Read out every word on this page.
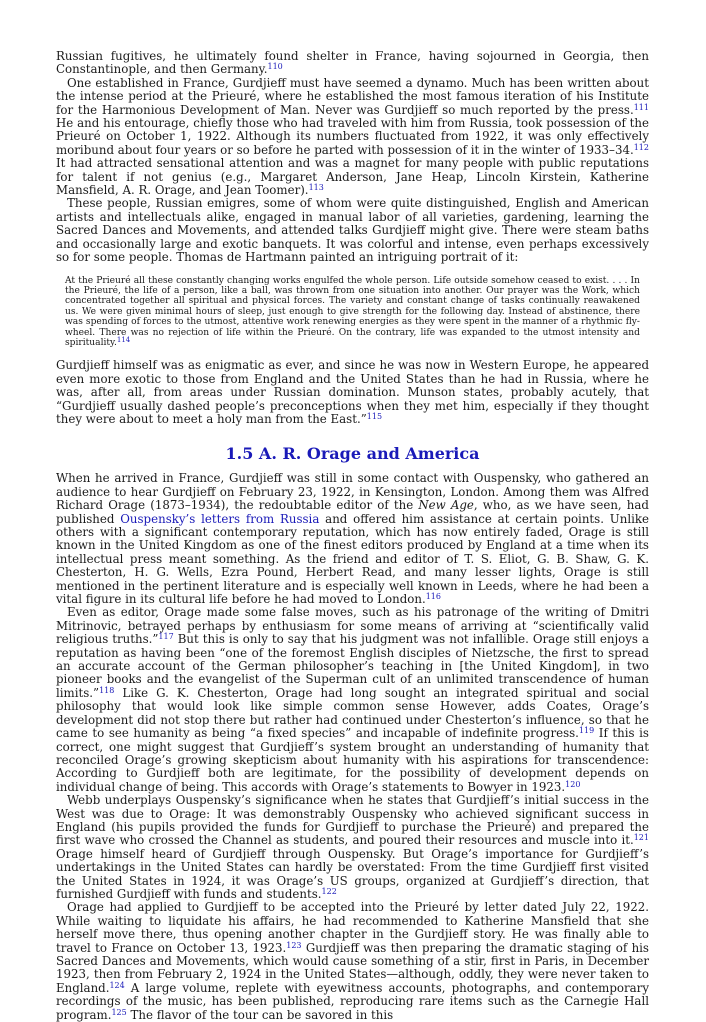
Russian fugitives, he ultimately found shelter in France, having sojourned in Georgia, then Constantinople, and then Germany.$^{110}$

One established in France, Gurdjieff must have seemed a dynamo. Much has been written about the intense period at the Prieuré, where he established the most famous iteration of his Institute for the Harmonious Development of Man. Never was Gurdjieff so much reported by the press.$^{111}$ He and his entourage, chiefly those who had traveled with him from Russia, took possession of the Prieuré on October 1, 1922. Although its numbers fluctuated from 1922, it was only effectively moribund about four years or so before he parted with possession of it in the winter of 1933–34.$^{112}$ It had attracted sensational attention and was a magnet for many people with public reputations for talent if not genius (e.g., Margaret Anderson, Jane Heap, Lincoln Kirstein, Katherine Mansfield, A. R. Orage, and Jean Toomer).$^{113}$

These people, Russian emigres, some of whom were quite distinguished, English and American artists and intellectuals alike, engaged in manual labor of all varieties, gardening, learning the Sacred Dances and Movements, and attended talks Gurdjieff might give. There were steam baths and occasionally large and exotic banquets. It was colorful and intense, even perhaps excessively so for some people. Thomas de Hartmann painted an intriguing portrait of it:

At the Prieuré all these constantly changing works engulfed the whole person. Life outside somehow ceased to exist. . . . In the Prieuré, the life of a person, like a ball, was thrown from one situation into another. Our prayer was the Work, which concentrated together all spiritual and physical forces. The variety and constant change of tasks continually reawakened us. We were given minimal hours of sleep, just enough to give strength for the following day. Instead of abstinence, there was spending of forces to the utmost, attentive work renewing energies as they were spent in the manner of a rhythmic fly-wheel. There was no rejection of life within the Prieuré. On the contrary, life was expanded to the utmost intensity and spirituality.$^{114}$

Gurdjieff himself was as enigmatic as ever, and since he was now in Western Europe, he appeared even more exotic to those from England and the United States than he had in Russia, where he was, after all, from areas under Russian domination. Munson states, probably acutely, that “Gurdjieff usually dashed people’s preconceptions when they met him, especially if they thought they were about to meet a holy man from the East.”$^{115}$

1.5 A. R. Orage and America

When he arrived in France, Gurdjieff was still in some contact with Ouspensky, who gathered an audience to hear Gurdjieff on February 23, 1922, in Kensington, London. Among them was Alfred Richard Orage (1873–1934), the redoubtable editor of the New Age, who, as we have seen, had published Ouspensky’s letters from Russia and offered him assistance at certain points. Unlike others with a significant contemporary reputation, which has now entirely faded, Orage is still known in the United Kingdom as one of the finest editors produced by England at a time when its intellectual press meant something. As the friend and editor of T. S. Eliot, G. B. Shaw, G. K. Chesterton, H. G. Wells, Ezra Pound, Herbert Read, and many lesser lights, Orage is still mentioned in the pertinent literature and is especially well known in Leeds, where he had been a vital figure in its cultural life before he had moved to London.$^{116}$

Even as editor, Orage made some false moves, such as his patronage of the writing of Dmitri Mitrinovic, betrayed perhaps by enthusiasm for some means of arriving at “scientifically valid religious truths.”$^{117}$ But this is only to say that his judgment was not infallible. Orage still enjoys a reputation as having been “one of the foremost English disciples of Nietzsche, the first to spread an accurate account of the German philosopher’s teaching in [the United Kingdom], in two pioneer books and the evangelist of the Superman cult of an unlimited transcendence of human limits.”$^{118}$ Like G. K. Chesterton, Orage had long sought an integrated spiritual and social philosophy that would look like simple common sense However, adds Coates, Orage’s development did not stop there but rather had continued under Chesterton’s influence, so that he came to see humanity as being “a fixed species” and incapable of indefinite progress.$^{119}$ If this is correct, one might suggest that Gurdjieff’s system brought an understanding of humanity that reconciled Orage’s growing skepticism about humanity with his aspirations for transcendence: According to Gurdjieff both are legitimate, for the possibility of development depends on individual change of being. This accords with Orage’s statements to Bowyer in 1923.$^{120}$

Webb underplays Ouspensky’s significance when he states that Gurdjieff’s initial success in the West was due to Orage: It was demonstrably Ouspensky who achieved significant success in England (his pupils provided the funds for Gurdjieff to purchase the Prieuré) and prepared the first wave who crossed the Channel as students, and poured their resources and muscle into it.$^{121}$ Orage himself heard of Gurdjieff through Ouspensky. But Orage’s importance for Gurdjieff’s undertakings in the United States can hardly be overstated: From the time Gurdjieff first visited the United States in 1924, it was Orage’s US groups, organized at Gurdjieff’s direction, that furnished Gurdjieff with funds and students.$^{122}$

Orage had applied to Gurdjieff to be accepted into the Prieuré by letter dated July 22, 1922. While waiting to liquidate his affairs, he had recommended to Katherine Mansfield that she herself move there, thus opening another chapter in the Gurdjieff story. He was finally able to travel to France on October 13, 1923.$^{123}$ Gurdjieff was then preparing the dramatic staging of his Sacred Dances and Movements, which would cause something of a stir, first in Paris, in December 1923, then from February 2, 1924 in the United States—although, oddly, they were never taken to England.$^{124}$ A large volume, replete with eyewitness accounts, photographs, and contemporary recordings of the music, has been published, reproducing rare items such as the Carnegie Hall program.$^{125}$ The flavor of the tour can be savored in this
